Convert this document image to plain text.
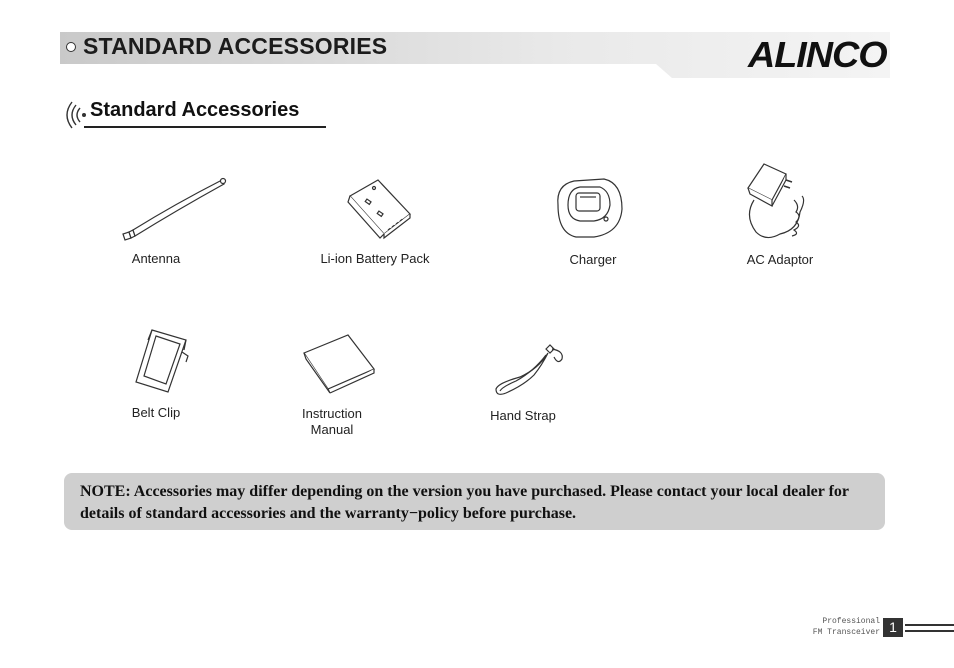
STANDARD ACCESSORIES	ALINCO
Standard Accessories
Antenna	Li-ion Battery Pack	Charger	AC Adaptor
Belt Clip	Instruction
Manual
Hand Strap
NOTE: Accessories may differ depending on the version you have purchased. Please contact your local dealer for details of standard accessories and the warranty−policy before purchase.
Professional
FM Transceiver 1
